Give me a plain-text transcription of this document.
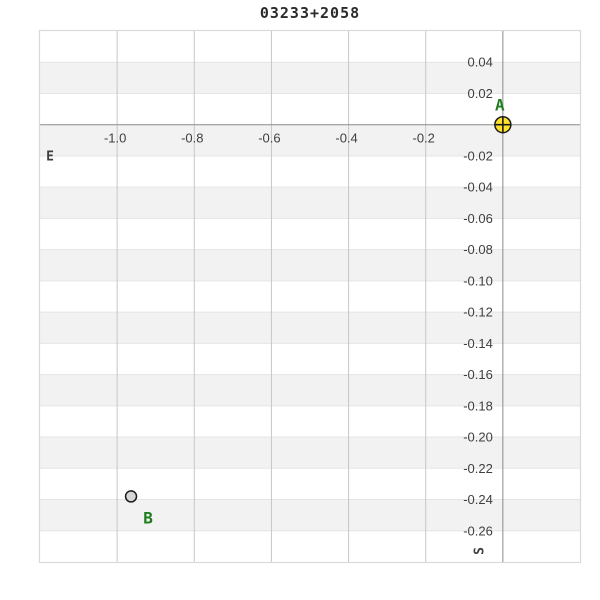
03233+2058
-1.0	-0.8	-0.6	-0.4	-0.2
0.04
0.02
-0.02
-0.04
-0.06
-0.08
-0.10
-0.12
-0.14
-0.16
-0.18
-0.20
-0.22
-0.24
-0.26
E
S
A
B
